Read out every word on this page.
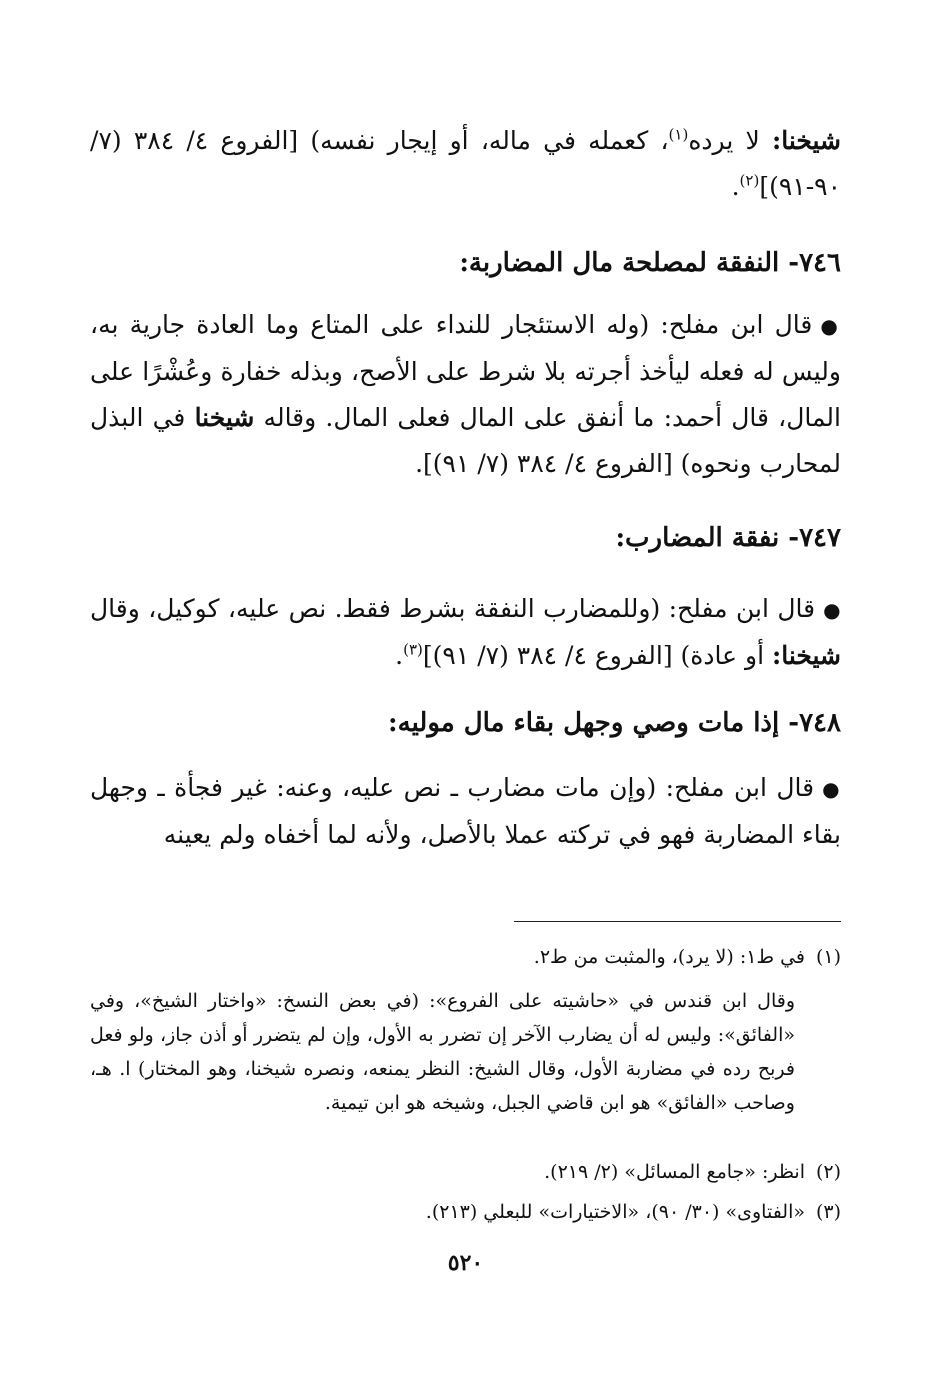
شيخنا: لا يرده$^{(١)}$، كعمله في ماله، أو إيجار نفسه) [الفروع ٤/ ٣٨٤ (٧/ ٩٠-٩١)]$^{(٢)}$.
٧٤٦- النفقة لمصلحة مال المضاربة:
●قال ابن مفلح: (وله الاستئجار للنداء على المتاع وما العادة جارية به، وليس له فعله ليأخذ أجرته بلا شرط على الأصح، وبذله خفارة وعُشْرًا على المال، قال أحمد: ما أنفق على المال فعلى المال. وقاله شيخنا في البذل لمحارب ونحوه) [الفروع ٤/ ٣٨٤ (٧/ ٩١)].
٧٤٧- نفقة المضارب:
●قال ابن مفلح: (وللمضارب النفقة بشرط فقط. نص عليه، كوكيل، وقال شيخنا: أو عادة) [الفروع ٤/ ٣٨٤ (٧/ ٩١)]$^{(٣)}$.
٧٤٨- إذا مات وصي وجهل بقاء مال موليه:
●قال ابن مفلح: (وإن مات مضارب ـ نص عليه، وعنه: غير فجأة ـ وجهل بقاء المضاربة فهو في تركته عملا بالأصل، ولأنه لما أخفاه ولم يعينه
(١)في ط١: (لا يرد)، والمثبت من ط٢.
وقال ابن قندس في «حاشيته على الفروع»: (في بعض النسخ: «واختار الشيخ»، وفي «الفائق»: وليس له أن يضارب الآخر إن تضرر به الأول، وإن لم يتضرر أو أذن جاز، ولو فعل فربح رده في مضاربة الأول، وقال الشيخ: النظر يمنعه، ونصره شيخنا، وهو المختار) ا. هـ، وصاحب «الفائق» هو ابن قاضي الجبل، وشيخه هو ابن تيمية.
(٢)انظر: «جامع المسائل» (٢/ ٢١٩).
(٣)«الفتاوى» (٣٠/ ٩٠)، «الاختيارات» للبعلي (٢١٣).
٥٢٠
